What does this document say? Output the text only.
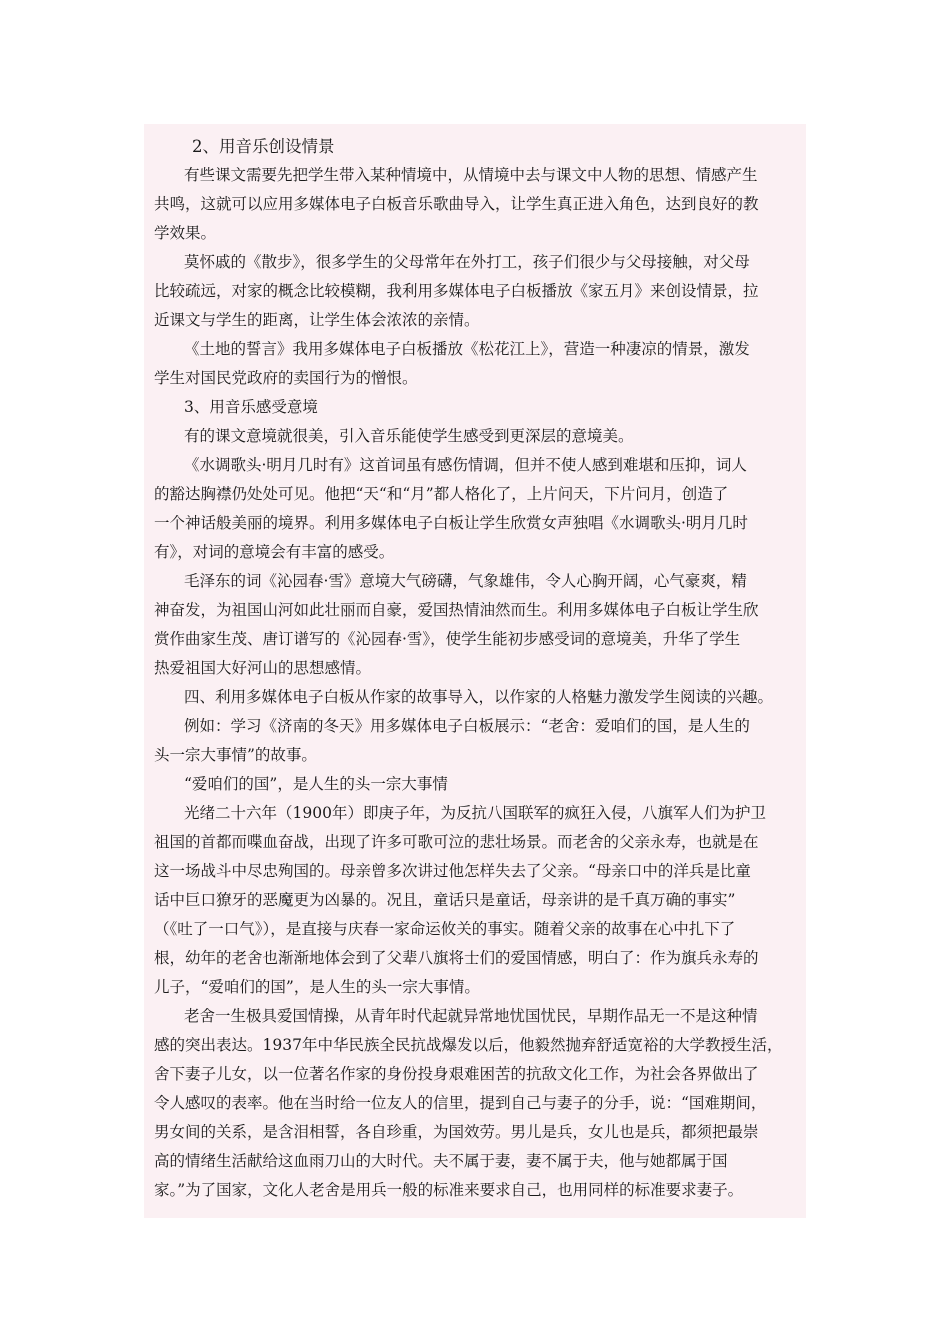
2、用音乐创设情景
有些课文需要先把学生带入某种情境中，从情境中去与课文中人物的思想、情感产生
共鸣，这就可以应用多媒体电子白板音乐歌曲导入，让学生真正进入角色，达到良好的教
学效果。
莫怀戚的《散步》，很多学生的父母常年在外打工，孩子们很少与父母接触，对父母
比较疏远，对家的概念比较模糊，我利用多媒体电子白板播放《家五月》来创设情景，拉
近课文与学生的距离，让学生体会浓浓的亲情。
《土地的誓言》我用多媒体电子白板播放《松花江上》，营造一种凄凉的情景，激发
学生对国民党政府的卖国行为的憎恨。
3、用音乐感受意境
有的课文意境就很美，引入音乐能使学生感受到更深层的意境美。
《水调歌头·明月几时有》这首词虽有感伤情调，但并不使人感到难堪和压抑，词人
的豁达胸襟仍处处可见。他把“天“和“月”都人格化了，上片问天，下片问月，创造了
一个神话般美丽的境界。利用多媒体电子白板让学生欣赏女声独唱《水调歌头·明月几时
有》，对词的意境会有丰富的感受。
毛泽东的词《沁园春·雪》意境大气磅礴，气象雄伟，令人心胸开阔，心气豪爽，精
神奋发，为祖国山河如此壮丽而自豪，爱国热情油然而生。利用多媒体电子白板让学生欣
赏作曲家生茂、唐订谱写的《沁园春·雪》，使学生能初步感受词的意境美，升华了学生
热爱祖国大好河山的思想感情。
四、利用多媒体电子白板从作家的故事导入，以作家的人格魅力激发学生阅读的兴趣。
例如：学习《济南的冬天》用多媒体电子白板展示：“老舍：爱咱们的国，是人生的
头一宗大事情”的故事。
“爱咱们的国”，是人生的头一宗大事情
光绪二十六年（1900年）即庚子年，为反抗八国联军的疯狂入侵，八旗军人们为护卫
祖国的首都而喋血奋战，出现了许多可歌可泣的悲壮场景。而老舍的父亲永寿，也就是在
这一场战斗中尽忠殉国的。母亲曾多次讲过他怎样失去了父亲。“母亲口中的洋兵是比童
话中巨口獠牙的恶魔更为凶暴的。况且，童话只是童话，母亲讲的是千真万确的事实”
（《吐了一口气》），是直接与庆春一家命运攸关的事实。随着父亲的故事在心中扎下了
根，幼年的老舍也渐渐地体会到了父辈八旗将士们的爱国情感，明白了：作为旗兵永寿的
儿子，“爱咱们的国”，是人生的头一宗大事情。
老舍一生极具爱国情操，从青年时代起就异常地忧国忧民，早期作品无一不是这种情
感的突出表达。1937年中华民族全民抗战爆发以后，他毅然抛弃舒适宽裕的大学教授生活，
舍下妻子儿女，以一位著名作家的身份投身艰难困苦的抗敌文化工作，为社会各界做出了
令人感叹的表率。他在当时给一位友人的信里，提到自己与妻子的分手，说：“国难期间，
男女间的关系，是含泪相誓，各自珍重，为国效劳。男儿是兵，女儿也是兵，都须把最崇
高的情绪生活献给这血雨刀山的大时代。夫不属于妻，妻不属于夫，他与她都属于国
家。”为了国家，文化人老舍是用兵一般的标准来要求自己，也用同样的标准要求妻子。
